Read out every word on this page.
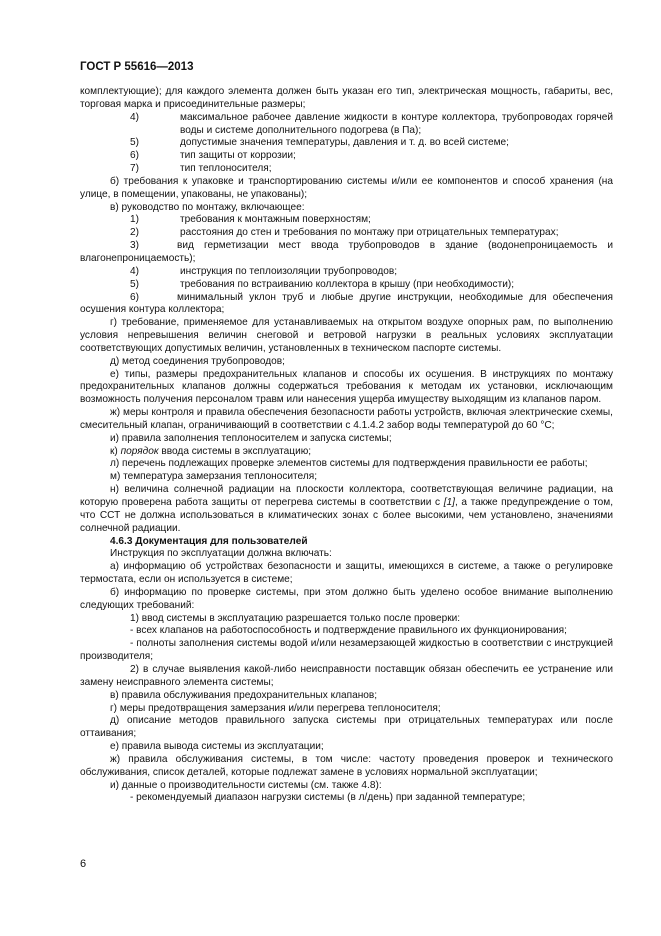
ГОСТ Р 55616—2013
комплектующие); для каждого элемента должен быть указан его тип, электрическая мощность, габариты, вес, торговая марка и присоединительные размеры;
4)	максимальное рабочее давление жидкости в контуре коллектора, трубопроводах горячей воды и системе дополнительного подогрева (в Па);
5)	допустимые значения температуры, давления и т. д. во всей системе;
6)	тип защиты от коррозии;
7)	тип теплоносителя;
б) требования к упаковке и транспортированию системы и/или ее компонентов и способ хранения (на улице, в помещении, упакованы, не упакованы);
в) руководство по монтажу, включающее:
1)	требования к монтажным поверхностям;
2)	расстояния до стен и требования по монтажу при отрицательных температурах;
3)	вид герметизации мест ввода трубопроводов в здание (водонепроницаемость и влагонепроницаемость);
4)	инструкция по теплоизоляции трубопроводов;
5)	требования по встраиванию коллектора в крышу (при необходимости);
6)	минимальный уклон труб и любые другие инструкции, необходимые для обеспечения осушения контура коллектора;
г) требование, применяемое для устанавливаемых на открытом воздухе опорных рам, по выполнению условия непревышения величин снеговой и ветровой нагрузки в реальных условиях эксплуатации соответствующих допустимых величин, установленных в техническом паспорте системы.
д) метод соединения трубопроводов;
е) типы, размеры предохранительных клапанов и способы их осушения. В инструкциях по монтажу предохранительных клапанов должны содержаться требования к методам их установки, исключающим возможность получения персоналом травм или нанесения ущерба имуществу выходящим из клапанов паром.
ж) меры контроля и правила обеспечения безопасности работы устройств, включая электрические схемы, смесительный клапан, ограничивающий в соответствии с 4.1.4.2 забор воды температурой до 60 °С;
и) правила заполнения теплоносителем и запуска системы;
к) порядок ввода системы в эксплуатацию;
л) перечень подлежащих проверке элементов системы для подтверждения правильности ее работы;
м) температура замерзания теплоносителя;
н) величина солнечной радиации на плоскости коллектора, соответствующая величине радиации, на которую проверена работа защиты от перегрева системы в соответствии с [1], а также предупреждение о том, что ССТ не должна использоваться в климатических зонах с более высокими, чем установлено, значениями солнечной радиации.
4.6.3 Документация для пользователей
Инструкция по эксплуатации должна включать:
а) информацию об устройствах безопасности и защиты, имеющихся в системе, а также о регулировке термостата, если он используется в системе;
б) информацию по проверке системы, при этом должно быть уделено особое внимание выполнению следующих требований:
1) ввод системы в эксплуатацию разрешается только после проверки:
- всех клапанов на работоспособность и подтверждение правильного их функционирования;
- полноты заполнения системы водой и/или незамерзающей жидкостью в соответствии с инструкцией производителя;
2) в случае выявления какой-либо неисправности поставщик обязан обеспечить ее устранение или замену неисправного элемента системы;
в) правила обслуживания предохранительных клапанов;
г) меры предотвращения замерзания и/или перегрева теплоносителя;
д) описание методов правильного запуска системы при отрицательных температурах или после оттаивания;
е) правила вывода системы из эксплуатации;
ж) правила обслуживания системы, в том числе: частоту проведения проверок и технического обслуживания, список деталей, которые подлежат замене в условиях нормальной эксплуатации;
и) данные о производительности системы (см. также 4.8):
- рекомендуемый диапазон нагрузки системы (в л/день) при заданной температуре;
6
